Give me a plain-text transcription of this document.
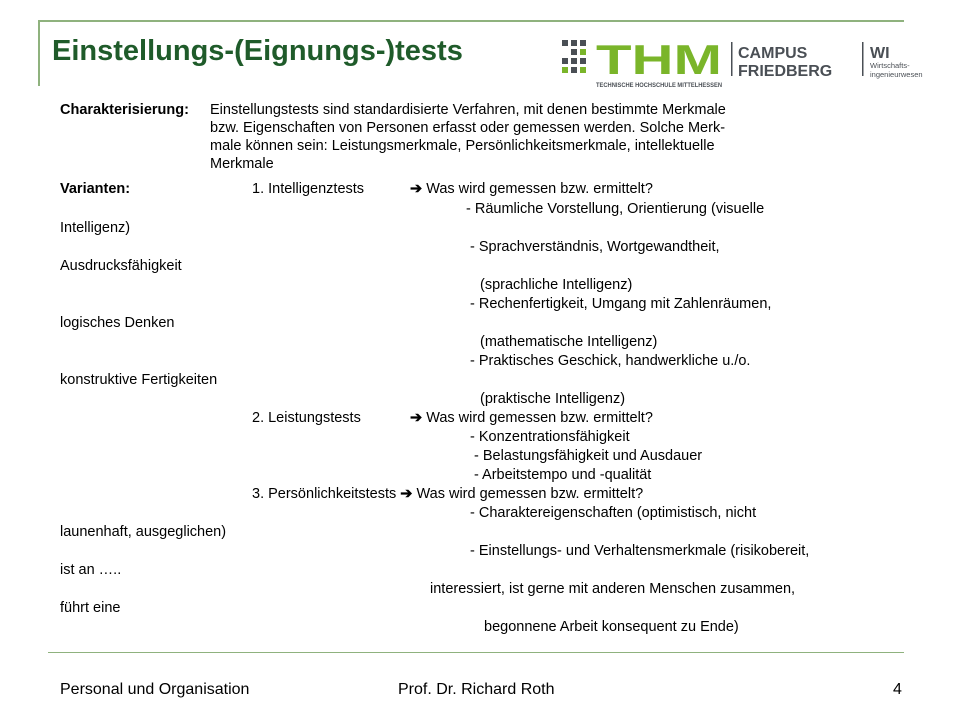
Einstellungs-(Eignungs-)tests	THM
TECHNISCHE HOCHSCHULE MITTELHESSEN
CAMPUS
FRIEDBERG
WI
Wirtschafts-
ingenieurwesen
Charakterisierung: Einstellungstests sind standardisierte Verfahren, mit denen bestimmte Merkmale
bzw. Eigenschaften von Personen erfasst oder gemessen werden. Solche Merk-
male können sein: Leistungsmerkmale, Persönlichkeitsmerkmale, intellektuelle
Merkmale
Varianten:	1. Intelligenztests	➔ Was wird gemessen bzw. ermittelt?
- Räumliche Vorstellung, Orientierung (visuelle
Intelligenz)
- Sprachverständnis, Wortgewandtheit,
Ausdrucksfähigkeit
(sprachliche Intelligenz)
- Rechenfertigkeit, Umgang mit Zahlenräumen,
logisches Denken
(mathematische Intelligenz)
- Praktisches Geschick, handwerkliche u./o.
konstruktive Fertigkeiten
(praktische Intelligenz)
2. Leistungstests	➔ Was wird gemessen bzw. ermittelt?
- Konzentrationsfähigkeit
- Belastungsfähigkeit und Ausdauer
- Arbeitstempo und -qualität
3. Persönlichkeitstests ➔ Was wird gemessen bzw. ermittelt?
- Charaktereigenschaften (optimistisch, nicht
launenhaft, ausgeglichen)
- Einstellungs- und Verhaltensmerkmale (risikobereit,
ist an …..
interessiert, ist gerne mit anderen Menschen zusammen,
führt eine
begonnene Arbeit konsequent zu Ende)
Personal und Organisation	Prof. Dr. Richard Roth	4
